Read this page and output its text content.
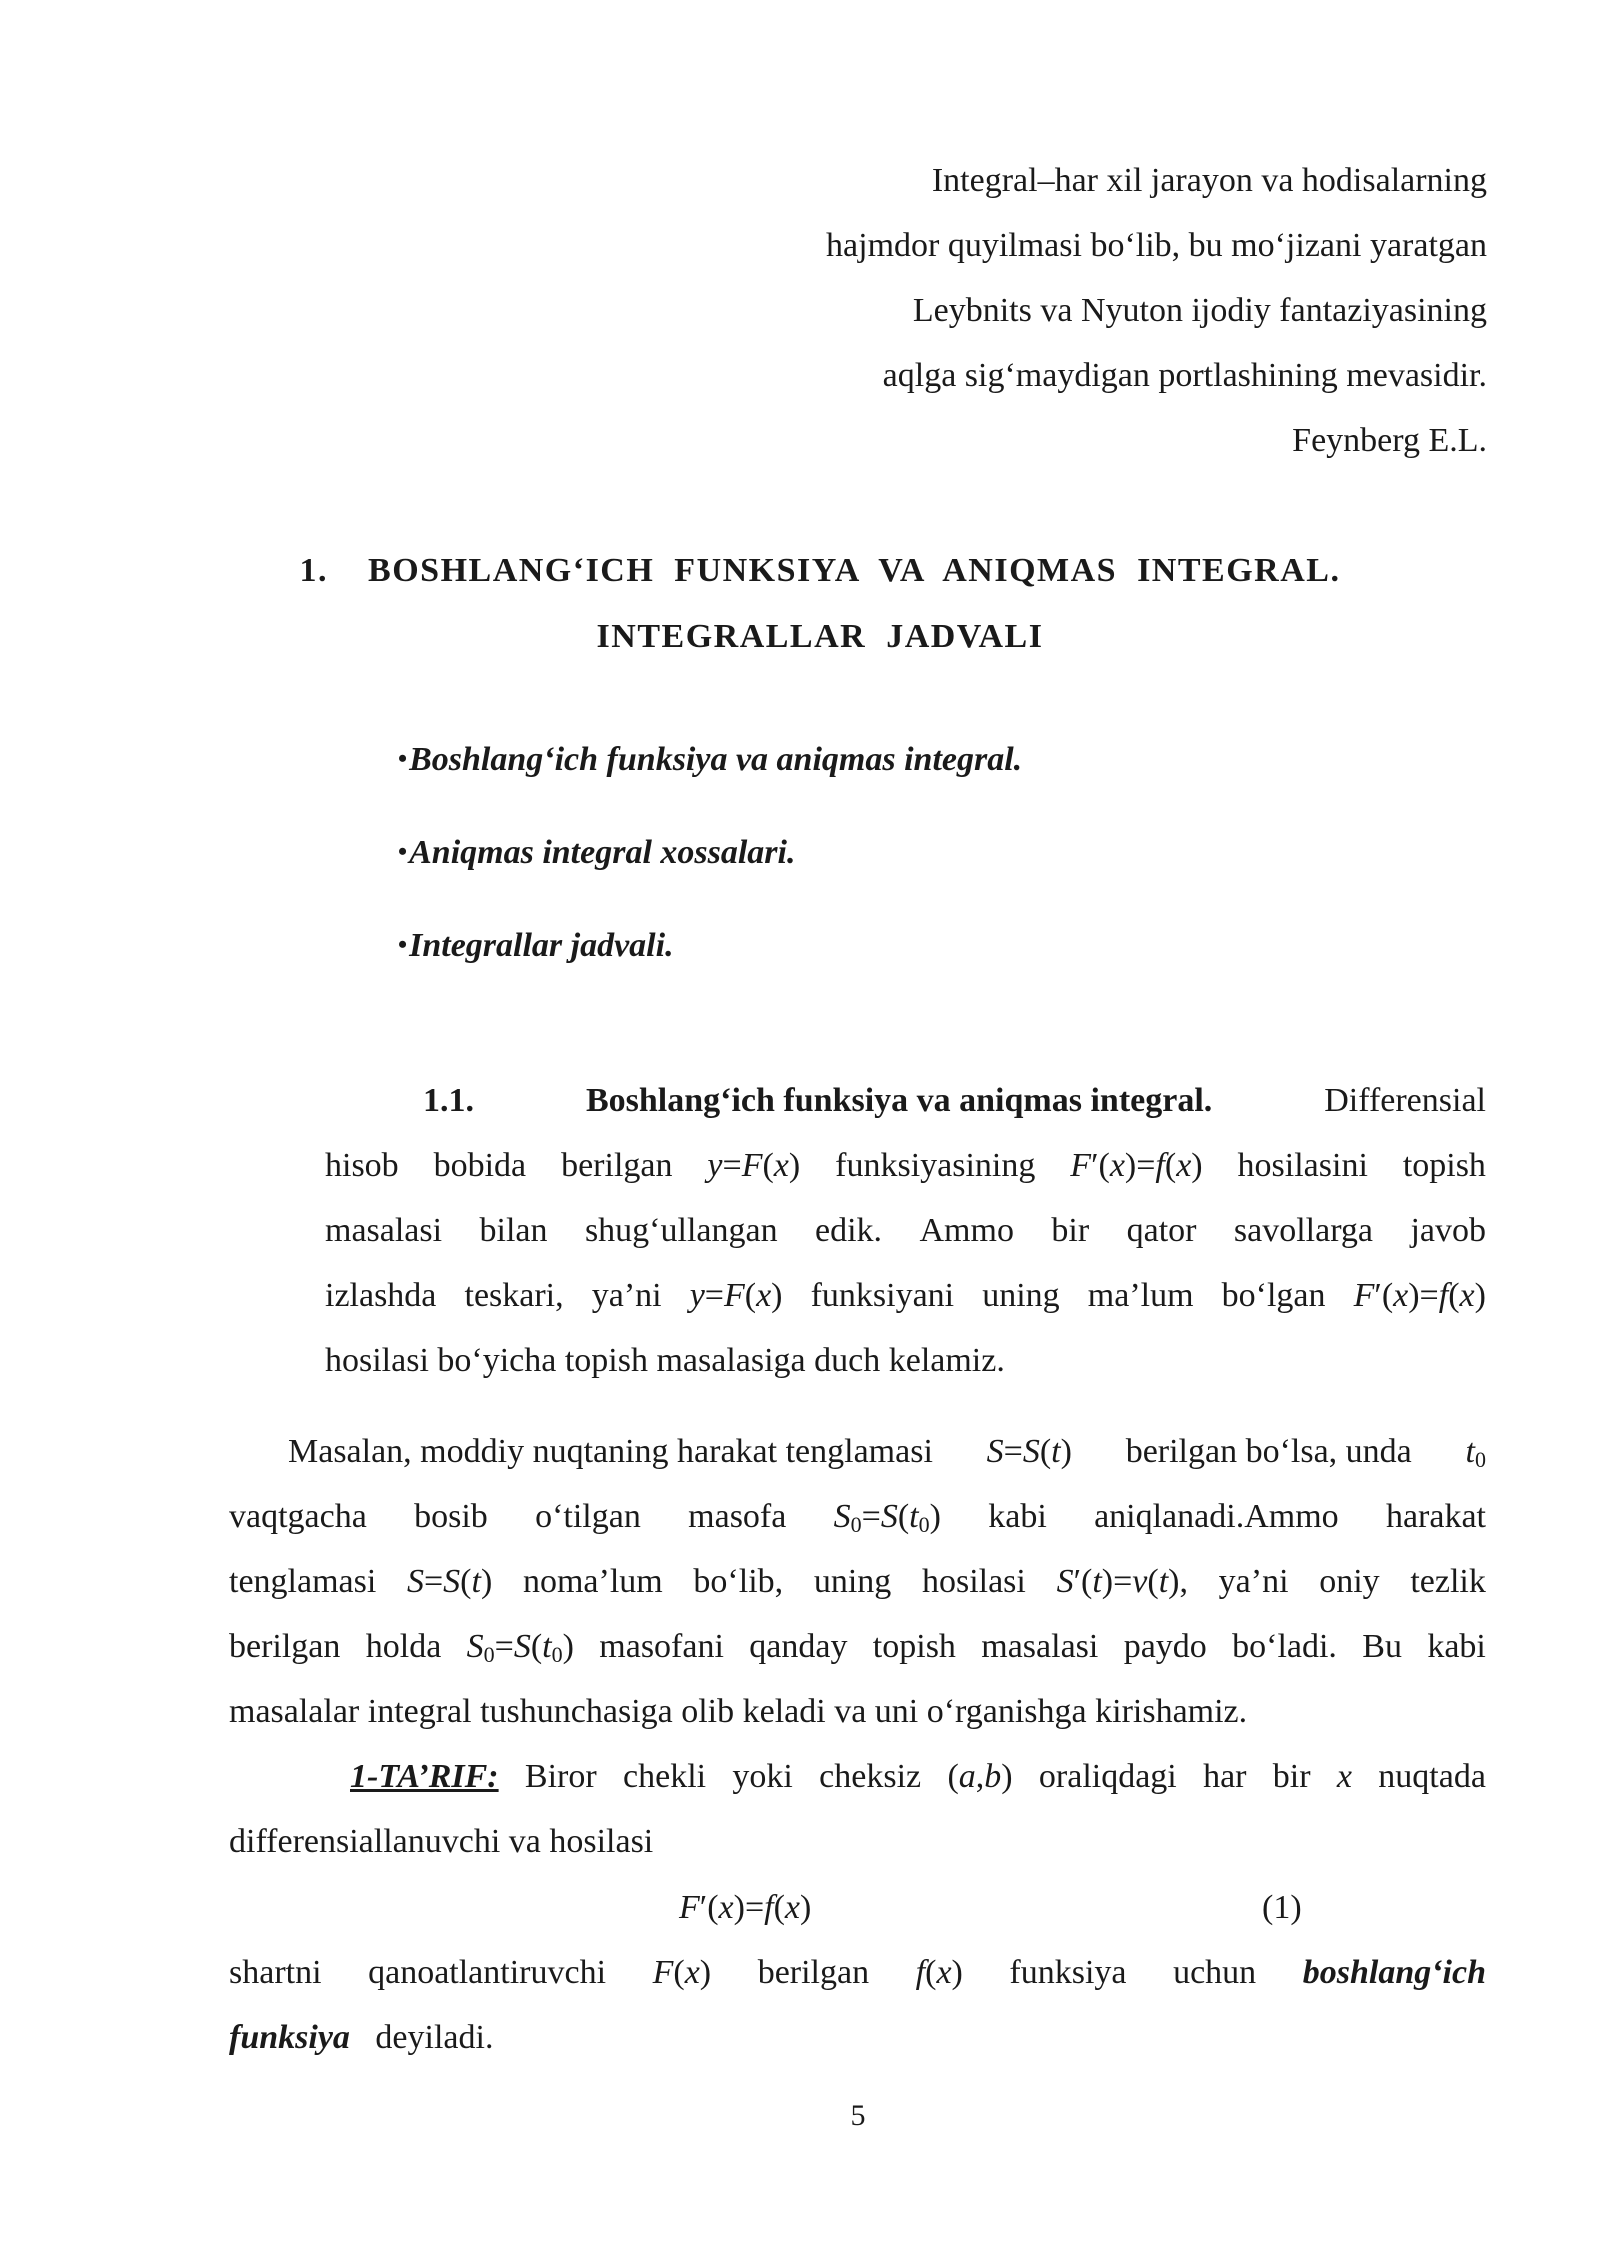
Integral–har xil jarayon va hodisalarning
hajmdor quyilmasi bo‘lib, bu mo‘jizani yaratgan
Leybnits va Nyuton ijodiy fantaziyasining
aqlga sig‘maydigan portlashining mevasidir.
Feynberg E.L.
1. BOSHLANG‘ICH FUNKSIYA VA ANIQMAS INTEGRAL.
INTEGRALLAR JADVALI
•Boshlang‘ich funksiya va aniqmas integral.
•Aniqmas integral xossalari.
•Integrallar jadvali.
1.1.	Boshlang‘ich funksiya va aniqmas integral.	Differensial
hisob bobida berilgan y=F(x) funksiyasining F′(x)=f(x) hosilasini topish
masalasi bilan shug‘ullangan edik. Ammo bir qator savollarga javob
izlashda teskari, ya’ni y=F(x) funksiyani uning ma’lum bo‘lgan F′(x)=f(x)
hosilasi bo‘yicha topish masalasiga duch kelamiz.
Masalan, moddiy nuqtaning harakat tenglamasi S=S(t) berilgan bo‘lsa, unda $t_0$
vaqtgacha bosib o‘tilgan masofa $S_0=S(t_0)$ kabi aniqlanadi.Ammo harakat
tenglamasi S=S(t) noma’lum bo‘lib, uning hosilasi S′(t)=v(t), ya’ni oniy tezlik
berilgan holda $S_0=S(t_0)$ masofani qanday topish masalasi paydo bo‘ladi. Bu kabi
masalalar integral tushunchasiga olib keladi va uni o‘rganishga kirishamiz.
1-TA’RIF: Biror chekli yoki cheksiz (a,b) oraliqdagi har bir x nuqtada
differensiallanuvchi va hosilasi
F′(x)=f(x)	(1)
shartni qanoatlantiruvchi F(x) berilgan f(x) funksiya uchun boshlang‘ich
funksiya deyiladi.
5
